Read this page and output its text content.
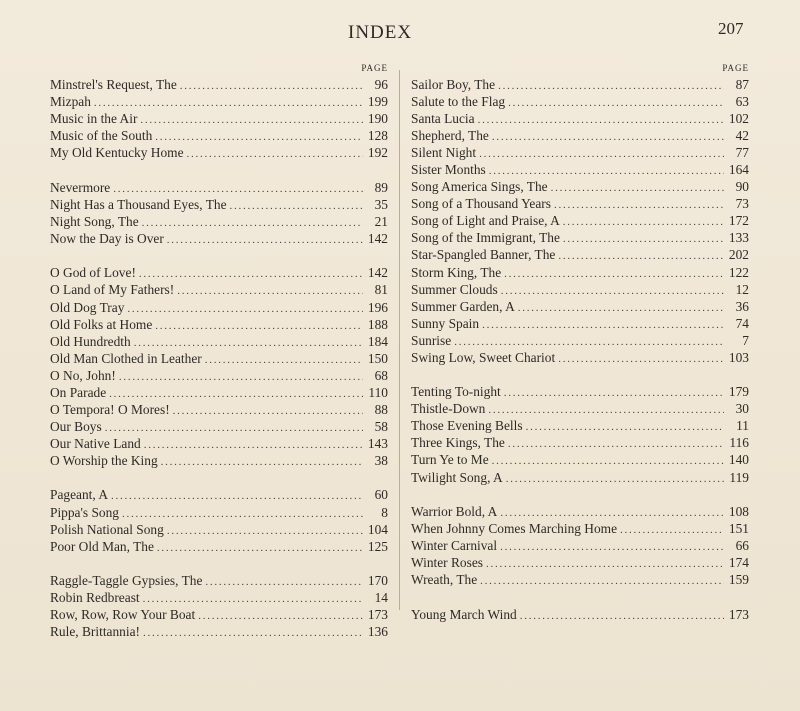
INDEX	207
PAGE
Minstrel's Request, The . . .	96
Mizpah . . .	199
Music in the Air . . .	190
Music of the South . . .	128
My Old Kentucky Home . . .	192
Nevermore . . .	89
Night Has a Thousand Eyes, The . . .	35
Night Song, The . . .	21
Now the Day is Over . . .	142
O God of Love! . . .	142
O Land of My Fathers! . . .	81
Old Dog Tray . . .	196
Old Folks at Home . . .	188
Old Hundredth . . .	184
Old Man Clothed in Leather . . .	150
O No, John! . . .	68
On Parade . . .	110
O Tempora! O Mores! . . .	88
Our Boys . . .	58
Our Native Land . . .	143
O Worship the King . . .	38
Pageant, A . . .	60
Pippa's Song . . .	8
Polish National Song . . .	104
Poor Old Man, The . . .	125
Raggle-Taggle Gypsies, The . . .	170
Robin Redbreast . . .	14
Row, Row, Row Your Boat . . .	173
Rule, Brittannia! . . .	136
PAGE
Sailor Boy, The . . .	87
Salute to the Flag . . .	63
Santa Lucia . . .	102
Shepherd, The . . .	42
Silent Night . . .	77
Sister Months . . .	164
Song America Sings, The . . .	90
Song of a Thousand Years . . .	73
Song of Light and Praise, A . . .	172
Song of the Immigrant, The . . .	133
Star-Spangled Banner, The . . .	202
Storm King, The . . .	122
Summer Clouds . . .	12
Summer Garden, A . . .	36
Sunny Spain . . .	74
Sunrise . . .	7
Swing Low, Sweet Chariot . . .	103
Tenting To-night . . .	179
Thistle-Down . . .	30
Those Evening Bells . . .	11
Three Kings, The . . .	116
Turn Ye to Me . . .	140
Twilight Song, A . . .	119
Warrior Bold, A . . .	108
When Johnny Comes Marching Home . . .	151
Winter Carnival . . .	66
Winter Roses . . .	174
Wreath, The . . .	159
Young March Wind . . .	173
